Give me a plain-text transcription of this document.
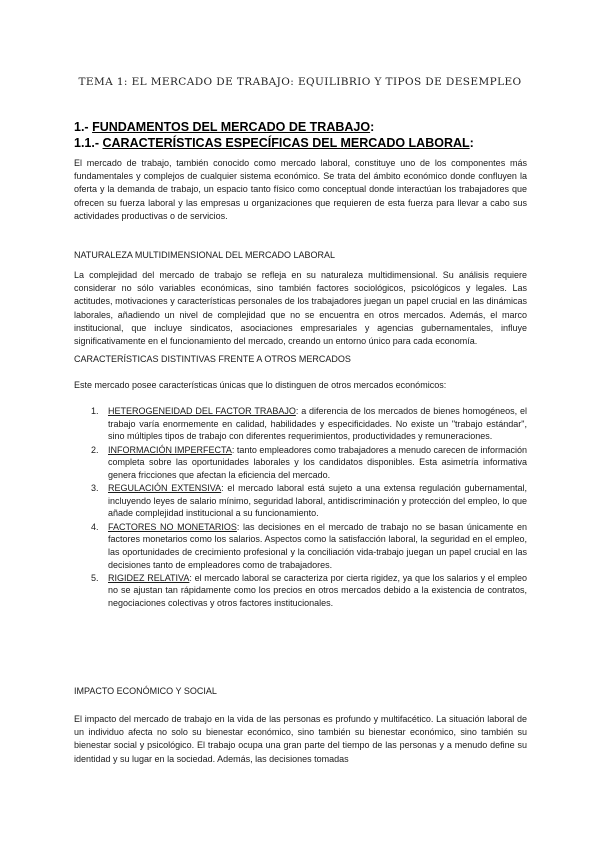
TEMA 1: EL MERCADO DE TRABAJO: EQUILIBRIO Y TIPOS DE DESEMPLEO
1.- FUNDAMENTOS DEL MERCADO DE TRABAJO:
1.1.- CARACTERÍSTICAS ESPECÍFICAS DEL MERCADO LABORAL:

El mercado de trabajo, también conocido como mercado laboral, constituye uno de los componentes más fundamentales y complejos de cualquier sistema económico. Se trata del ámbito económico donde confluyen la oferta y la demanda de trabajo, un espacio tanto físico como conceptual donde interactúan los trabajadores que ofrecen su fuerza laboral y las empresas u organizaciones que requieren de esta fuerza para llevar a cabo sus actividades productivas o de servicios.

NATURALEZA MULTIDIMENSIONAL DEL MERCADO LABORAL

La complejidad del mercado de trabajo se refleja en su naturaleza multidimensional. Su análisis requiere considerar no sólo variables económicas, sino también factores sociológicos, psicológicos y legales. Las actitudes, motivaciones y características personales de los trabajadores juegan un papel crucial en las dinámicas laborales, añadiendo un nivel de complejidad que no se encuentra en otros mercados. Además, el marco institucional, que incluye sindicatos, asociaciones empresariales y agencias gubernamentales, influye significativamente en el funcionamiento del mercado, creando un entorno único para cada economía.

CARACTERÍSTICAS DISTINTIVAS FRENTE A OTROS MERCADOS
Este mercado posee características únicas que lo distinguen de otros mercados económicos:
1. HETEROGENEIDAD DEL FACTOR TRABAJO: a diferencia de los mercados de bienes homogéneos, el trabajo varía enormemente en calidad, habilidades y especificidades. No existe un "trabajo estándar", sino múltiples tipos de trabajo con diferentes requerimientos, productividades y remuneraciones.
2. INFORMACIÓN IMPERFECTA: tanto empleadores como trabajadores a menudo carecen de información completa sobre las oportunidades laborales y los candidatos disponibles. Esta asimetría informativa genera fricciones que afectan la eficiencia del mercado.
3. REGULACIÓN EXTENSIVA: el mercado laboral está sujeto a una extensa regulación gubernamental, incluyendo leyes de salario mínimo, seguridad laboral, antidiscriminación y protección del empleo, lo que añade complejidad institucional a su funcionamiento.
4. FACTORES NO MONETARIOS: las decisiones en el mercado de trabajo no se basan únicamente en factores monetarios como los salarios. Aspectos como la satisfacción laboral, la seguridad en el empleo, las oportunidades de crecimiento profesional y la conciliación vida-trabajo juegan un papel crucial en las decisiones tanto de empleadores como de trabajadores.
5. RIGIDEZ RELATIVA: el mercado laboral se caracteriza por cierta rigidez, ya que los salarios y el empleo no se ajustan tan rápidamente como los precios en otros mercados debido a la existencia de contratos, negociaciones colectivas y otros factores institucionales.
IMPACTO ECONÓMICO Y SOCIAL

El impacto del mercado de trabajo en la vida de las personas es profundo y multifacético. La situación laboral de un individuo afecta no solo su bienestar económico, sino también su bienestar económico, sino también su bienestar social y psicológico. El trabajo ocupa una gran parte del tiempo de las personas y a menudo define su identidad y su lugar en la sociedad. Además, las decisiones tomadas
